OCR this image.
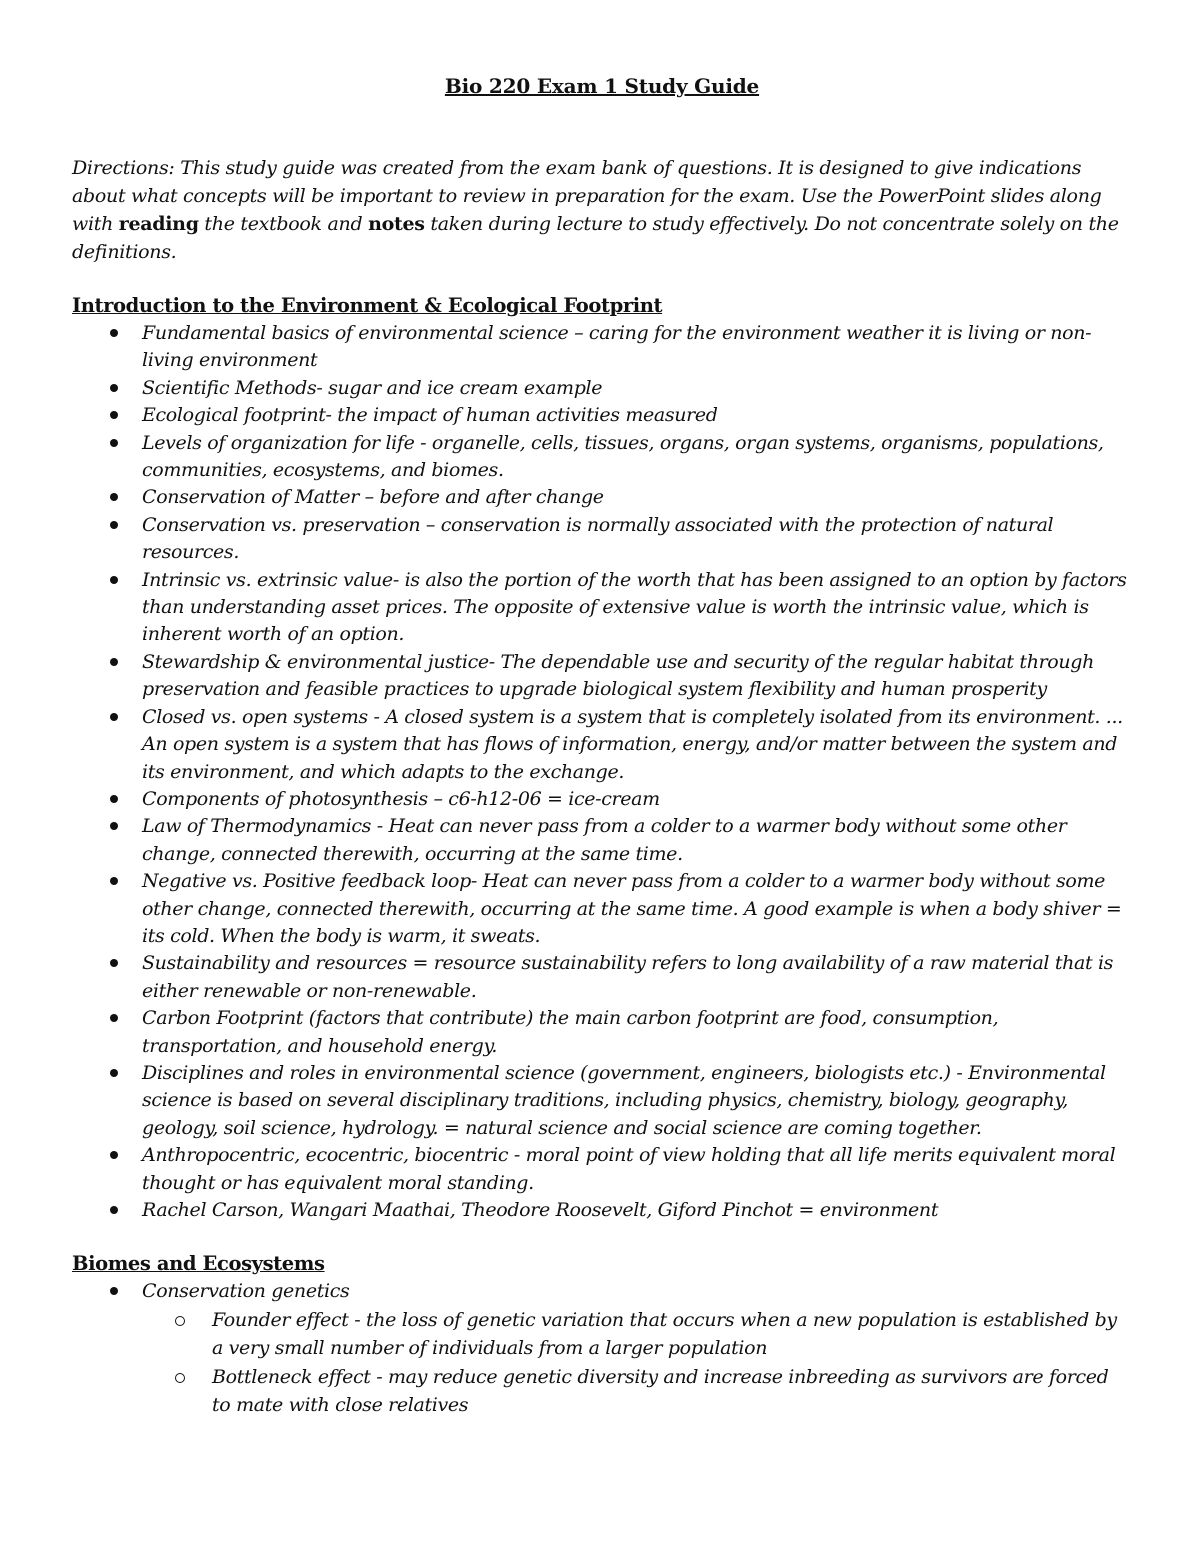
Bio 220 Exam 1 Study Guide

Directions: This study guide was created from the exam bank of questions. It is designed to give indications about what concepts will be important to review in preparation for the exam. Use the PowerPoint slides along with reading the textbook and notes taken during lecture to study effectively. Do not concentrate solely on the definitions.

Introduction to the Environment & Ecological Footprint
Fundamental basics of environmental science – caring for the environment weather it is living or non-living environment
Scientific Methods- sugar and ice cream example
Ecological footprint- the impact of human activities measured
Levels of organization for life - organelle, cells, tissues, organs, organ systems, organisms, populations, communities, ecosystems, and biomes.
Conservation of Matter – before and after change
Conservation vs. preservation – conservation is normally associated with the protection of natural resources.
Intrinsic vs. extrinsic value- is also the portion of the worth that has been assigned to an option by factors than understanding asset prices. The opposite of extensive value is worth the intrinsic value, which is inherent worth of an option.
Stewardship & environmental justice- The dependable use and security of the regular habitat through preservation and feasible practices to upgrade biological system flexibility and human prosperity
Closed vs. open systems - A closed system is a system that is completely isolated from its environment. ... An open system is a system that has flows of information, energy, and/or matter between the system and its environment, and which adapts to the exchange.
Components of photosynthesis – c6-h12-06 = ice-cream
Law of Thermodynamics - Heat can never pass from a colder to a warmer body without some other change, connected therewith, occurring at the same time.
Negative vs. Positive feedback loop- Heat can never pass from a colder to a warmer body without some other change, connected therewith, occurring at the same time. A good example is when a body shiver = its cold. When the body is warm, it sweats.
Sustainability and resources = resource sustainability refers to long availability of a raw material that is either renewable or non-renewable.
Carbon Footprint (factors that contribute) the main carbon footprint are food, consumption, transportation, and household energy.
Disciplines and roles in environmental science (government, engineers, biologists etc.) - Environmental science is based on several disciplinary traditions, including physics, chemistry, biology, geography, geology, soil science, hydrology. = natural science and social science are coming together.
Anthropocentric, ecocentric, biocentric - moral point of view holding that all life merits equivalent moral thought or has equivalent moral standing.
Rachel Carson, Wangari Maathai, Theodore Roosevelt, Giford Pinchot = environment
Biomes and Ecosystems
Conservation genetics
Founder effect - the loss of genetic variation that occurs when a new population is established by a very small number of individuals from a larger population
Bottleneck effect - may reduce genetic diversity and increase inbreeding as survivors are forced to mate with close relatives
